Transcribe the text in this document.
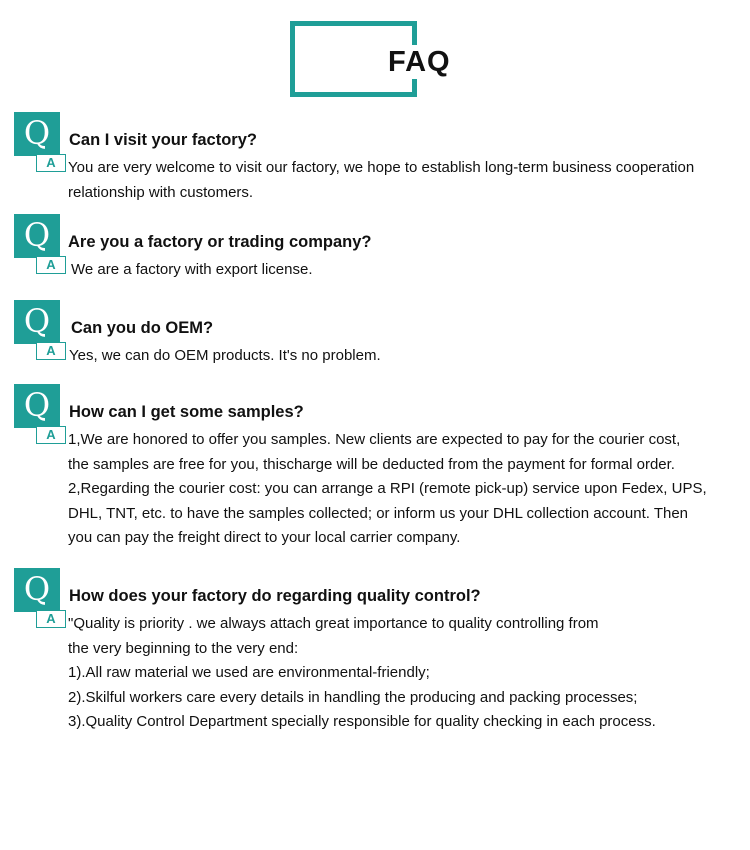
FAQ
Q
A
Can I visit your factory?
You are very welcome to visit our factory, we hope to establish long-term business cooperation
relationship with customers.
Q
A
Are you a factory or trading company?
We are a factory with export license.
Q
A
Can you do OEM?
Yes, we can do OEM products. It's no problem.
Q
A
How can I get some samples?
1,We are honored to offer you samples. New clients are expected to pay for the courier cost,
the samples are free for you, thischarge will be deducted from the payment for formal order.
2,Regarding the courier cost: you can arrange a RPI (remote pick-up) service upon Fedex, UPS,
DHL, TNT, etc. to have the samples collected; or inform us your DHL collection account. Then
you can pay the freight direct to your local carrier company.
Q
A
How does your factory do regarding quality control?
"Quality is priority . we always attach great importance to quality controlling from
the very beginning to the very end:
1).All raw material we used are environmental-friendly;
2).Skilful workers care every details in handling the producing and packing processes;
3).Quality Control Department specially responsible for quality checking in each process.
